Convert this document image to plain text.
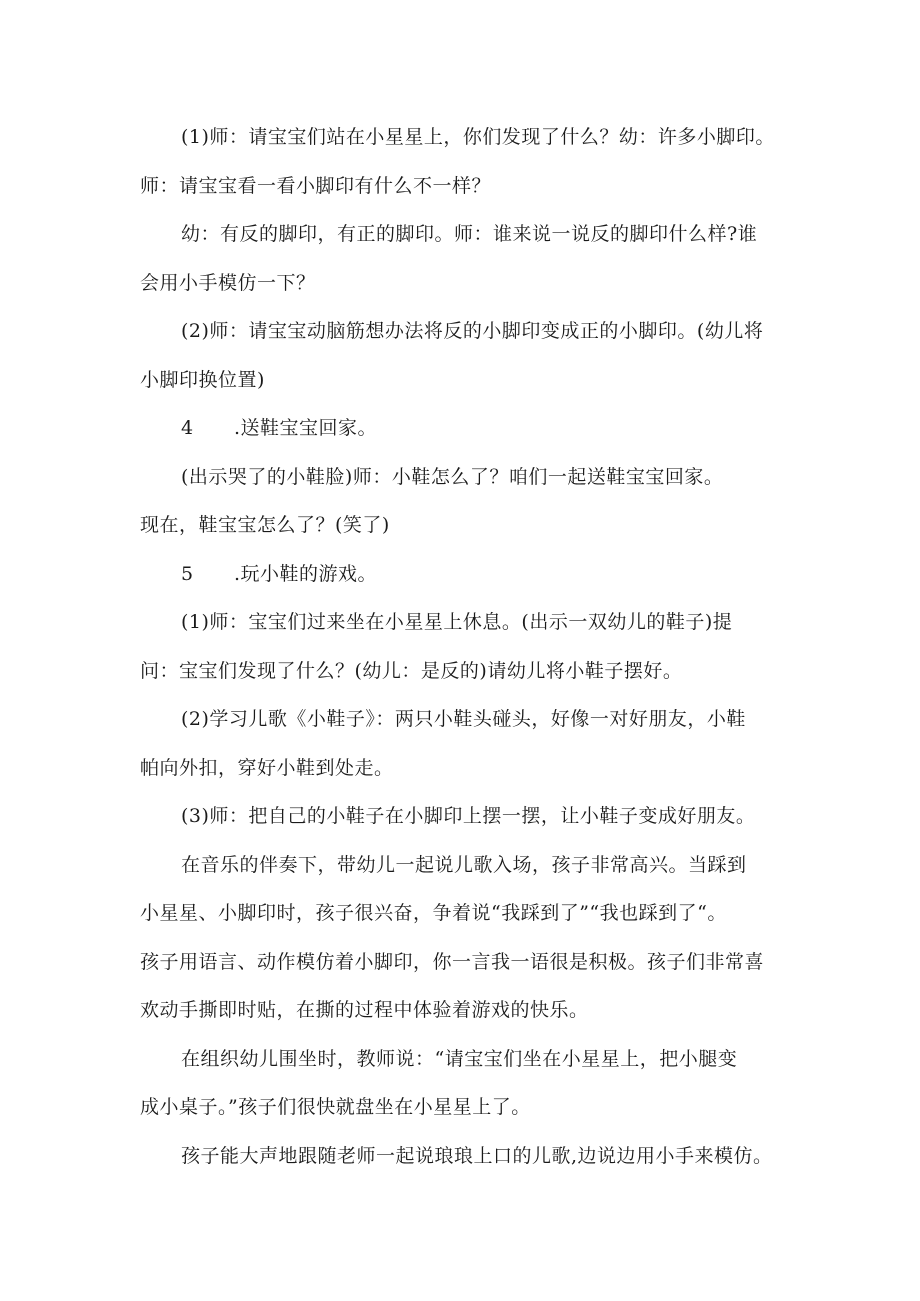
(1)师：请宝宝们站在小星星上，你们发现了什么？幼：许多小脚印。
师：请宝宝看一看小脚印有什么不一样？
幼：有反的脚印，有正的脚印。师：谁来说一说反的脚印什么样?谁
会用小手模仿一下？
(2)师：请宝宝动脑筋想办法将反的小脚印变成正的小脚印。(幼儿将
小脚印换位置)
4 .送鞋宝宝回家。
(出示哭了的小鞋脸)师：小鞋怎么了？咱们一起送鞋宝宝回家。
现在，鞋宝宝怎么了？(笑了)
5 .玩小鞋的游戏。
(1)师：宝宝们过来坐在小星星上休息。(出示一双幼儿的鞋子)提
问：宝宝们发现了什么？(幼儿：是反的)请幼儿将小鞋子摆好。
(2)学习儿歌《小鞋子》：两只小鞋头碰头，好像一对好朋友，小鞋
帕向外扣，穿好小鞋到处走。
(3)师：把自己的小鞋子在小脚印上摆一摆，让小鞋子变成好朋友。
在音乐的伴奏下，带幼儿一起说儿歌入场，孩子非常高兴。当踩到
小星星、小脚印时，孩子很兴奋，争着说“我踩到了”“我也踩到了“。
孩子用语言、动作模仿着小脚印，你一言我一语很是积极。孩子们非常喜
欢动手撕即时贴，在撕的过程中体验着游戏的快乐。
在组织幼儿围坐时，教师说：“请宝宝们坐在小星星上，把小腿变
成小桌子。”孩子们很快就盘坐在小星星上了。
孩子能大声地跟随老师一起说琅琅上口的儿歌,边说边用小手来模仿。
